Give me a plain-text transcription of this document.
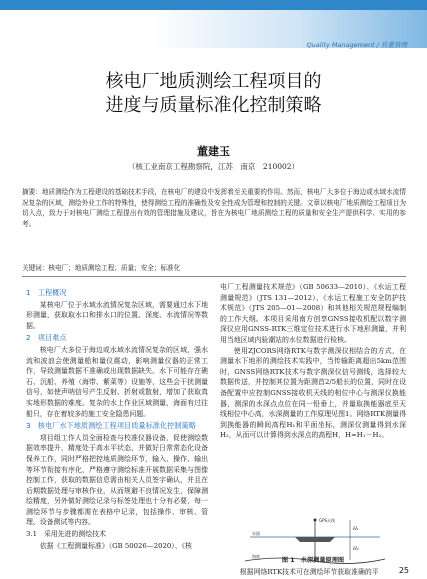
Quality Management / 质量管理
核电厂地质测绘工程项目的
进度与质量标准化控制策略
董建玉
（核工业南京工程勘察院，江苏　南京　210002）
摘要：地质测绘作为工程建设的基础技术手段，在核电厂的建设中发挥着至关重要的作用。然而，核电厂大多位于海边或水域水流情况复杂的区域，测绘外业工作的特殊性，使得测绘工程的准确性及安全性成为管理和控制的关键。文章以核电厂地质测绘工程项目为切入点，致力于对核电厂测绘工程提出有效的管理措施及建议，旨在为核电厂地质测绘工程的质量和安全生产提供科学、实用的参考。
关键词：核电厂；地质测绘工程；质量；安全；标准化

1　工程概况

某核电厂位于水域水流情况复杂区域，需要通过水下地形测量，获取取水口和排水口的位置、深度、水流情况等数据。

2　项目难点

核电厂大多位于海边或水域水流情况复杂的区域，强水流和波浪会使测量船和量仪震动，影响测量仪器的正常工作，导致测量数据不准确或出现数据缺失。水下可能存在礁石、沉船、养殖（海带、紫菜等）设施等，这些会干扰测量信号，如使声呐信号产生反射、折射或散射，增加了获取真实地形数据的难度。复杂的水上作业区域测量，海面有过往船只，存在着较多的施工安全隐患问题。

3　核电厂水下地质测绘工程项目质量标准化控制策略

项目组工作人员全面检查与校准仪器设备，促使测绘数据效率提升，精度处于高水平状态，并做好日常常态化设备保养工作，同时严格把控地质测绘环节，输入、操作、输出等环节衔接有序化，严格遵守测绘标准开展数据采集与图像控制工作，获取的数据信息需由相关人员签字确认，并且在后期数据处理与审核作业，从而规避不良情况发生，保障测绘精度，另外做好测绘记录与标签处理也十分有必要，每一测绘环节与步骤都需在表格中记录，包括操作、审核、管理、设备测试等内容。

3.1　采用先进的测绘技术

依据《工程测量标准》（GB 50026—2020）、《核

电厂工程测量技术规范》（GB 50633—2010）、《水运工程测量规范》（JTS 131—2012）、《水运工程施工安全防护技术规范》（JTS 205—01—2008）和其他相关规范规程编制的工作大纲。本项目采用南方创享GNSS接收机配以数字测深仪应用GNSS-RTK三维定位技术进行水下地形测量，并利用当地区域内验潮站的水位数据进行检核。

使用ZJCORS网络RTK与数字测深仪相结合的方式，在测量水下地形的测绘技术实践中，当传输距离超出5km范围时，GNSS网络RTK技术与数字测深仪信号测线，选择较大数据传送，并控制其位置为距测首2/5船长的位置，同时在设备配置中应控制GNSS接收机天线的相位中心与测深仪换能器，测深的水深点点位在同一铅垂上，并量取换能器底至天线相位中心高，水深测量的工作原理见图1。网络RTK测量得到换能器的瞬间高程H₁和平面坐标，测深仪测量得到水深H₂，从而可以计算得到水深点的高程H，H=H₁－H₂。

GPS天线
水面
海底
H₁
H₂
图 1　水深测量原理图
根据网络RTK技术可在测绘环节获取准确的平	25
